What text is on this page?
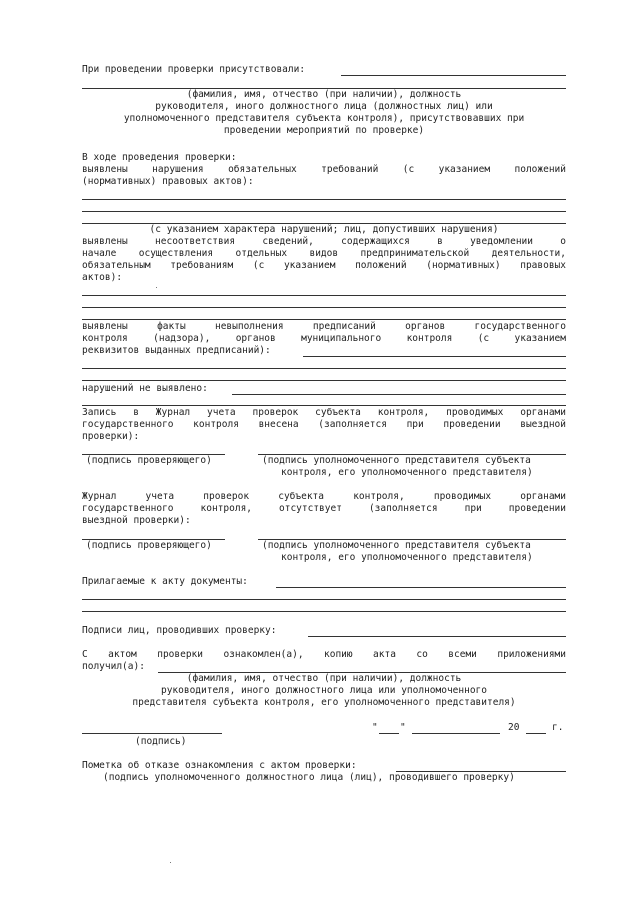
При проведении проверки присутствовали:
(фамилия, имя, отчество (при наличии), должность
руководителя, иного должностного лица (должностных лиц) или
уполномоченного представителя субъекта контроля), присутствовавших при
проведении мероприятий по проверке)
В ходе проведения проверки:
выявлены нарушения обязательных требований (с указанием положений
(нормативных) правовых актов):
(с указанием характера нарушений; лиц, допустивших нарушения)
выявлены несоответствия сведений, содержащихся в уведомлении о
начале осуществления отдельных видов предпринимательской деятельности,
обязательным требованиям (с указанием положений (нормативных) правовых
актов):
выявлены факты невыполнения предписаний органов государственного
контроля (надзора), органов муниципального контроля (с указанием
реквизитов выданных предписаний):
нарушений не выявлено:
Запись в Журнал учета проверок субъекта контроля, проводимых органами
государственного контроля внесена (заполняется при проведении выездной
проверки):
(подпись проверяющего)	(подпись уполномоченного представителя субъекта
контроля, его уполномоченного представителя)
Журнал учета проверок субъекта контроля, проводимых органами
государственного контроля, отсутствует (заполняется при проведении
выездной проверки):
(подпись проверяющего)	(подпись уполномоченного представителя субъекта
контроля, его уполномоченного представителя)
Прилагаемые к акту документы:
Подписи лиц, проводивших проверку:
С актом проверки ознакомлен(а), копию акта со всеми приложениями
получил(а):
(фамилия, имя, отчество (при наличии), должность
руководителя, иного должностного лица или уполномоченного
представителя субъекта контроля, его уполномоченного представителя)
" "	20	г.
(подпись)
Пометка об отказе ознакомления с актом проверки:
(подпись уполномоченного должностного лица (лиц), проводившего проверку)
